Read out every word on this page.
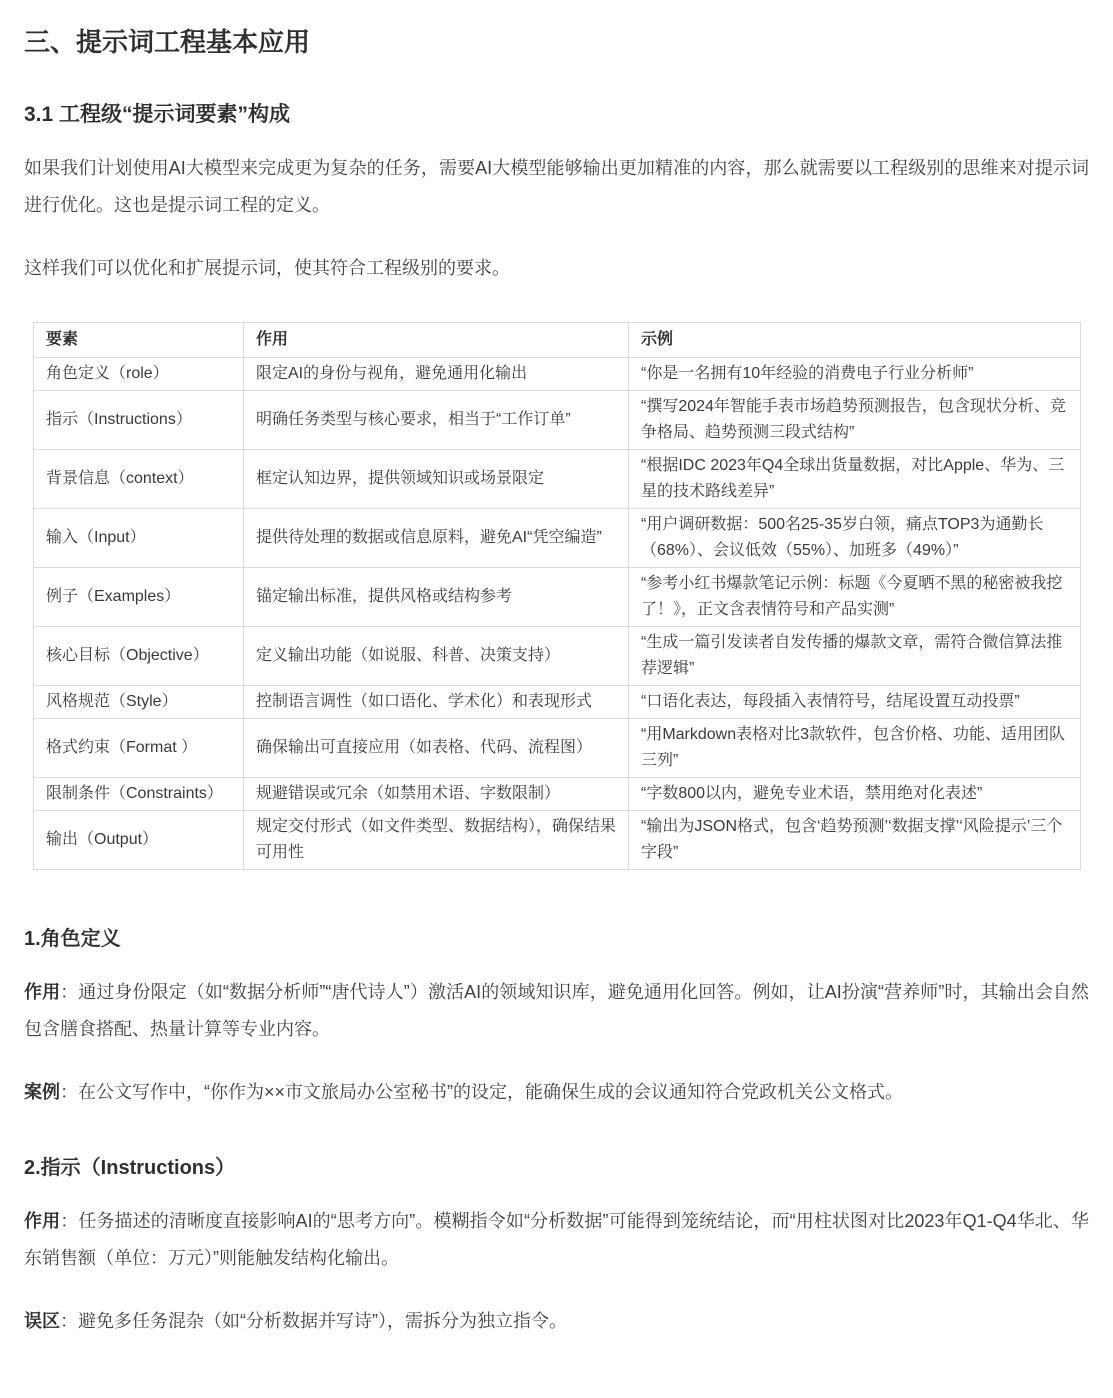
三、提示词工程基本应用
3.1 工程级“提示词要素”构成

如果我们计划使用AI大模型来完成更为复杂的任务，需要AI大模型能够输出更加精准的内容，那么就需要以工程级别的思维来对提示词进行优化。这也是提示词工程的定义。

这样我们可以优化和扩展提示词，使其符合工程级别的要求。

要素	作用	示例
角色定义（role）	限定AI的身份与视角，避免通用化输出	“你是一名拥有10年经验的消费电子行业分析师”
指示（Instructions）	明确任务类型与核心要求，相当于“工作订单”	“撰写2024年智能手表市场趋势预测报告，包含现状分析、竞争格局、趋势预测三段式结构”
背景信息（context）	框定认知边界，提供领域知识或场景限定	“根据IDC 2023年Q4全球出货量数据，对比Apple、华为、三星的技术路线差异”
输入（Input）	提供待处理的数据或信息原料，避免AI“凭空编造”	“用户调研数据：500名25-35岁白领，痛点TOP3为通勤长（68%）、会议低效（55%）、加班多（49%）”
例子（Examples）	锚定输出标准，提供风格或结构参考	“参考小红书爆款笔记示例：标题《今夏晒不黑的秘密被我挖了！》，正文含表情符号和产品实测”
核心目标（Objective）	定义输出功能（如说服、科普、决策支持）	“生成一篇引发读者自发传播的爆款文章，需符合微信算法推荐逻辑”
风格规范（Style）	控制语言调性（如口语化、学术化）和表现形式	“口语化表达，每段插入表情符号，结尾设置互动投票”
格式约束（Format ）	确保输出可直接应用（如表格、代码、流程图）	“用Markdown表格对比3款软件，包含价格、功能、适用团队三列”
限制条件（Constraints）	规避错误或冗余（如禁用术语、字数限制）	“字数800以内，避免专业术语，禁用绝对化表述”
输出（Output）	规定交付形式（如文件类型、数据结构），确保结果可用性	“输出为JSON格式，包含‘趋势预测’‘数据支撑’‘风险提示’三个字段”
1.角色定义

作用：通过身份限定（如“数据分析师”“唐代诗人”）激活AI的领域知识库，避免通用化回答。例如，让AI扮演“营养师”时，其输出会自然包含膳食搭配、热量计算等专业内容。

案例：在公文写作中，“你作为××市文旅局办公室秘书”的设定，能确保生成的会议通知符合党政机关公文格式。

2.指示（Instructions）

作用：任务描述的清晰度直接影响AI的“思考方向”。模糊指令如“分析数据”可能得到笼统结论，而“用柱状图对比2023年Q1-Q4华北、华东销售额（单位：万元）”则能触发结构化输出。

误区：避免多任务混杂（如“分析数据并写诗”），需拆分为独立指令。
